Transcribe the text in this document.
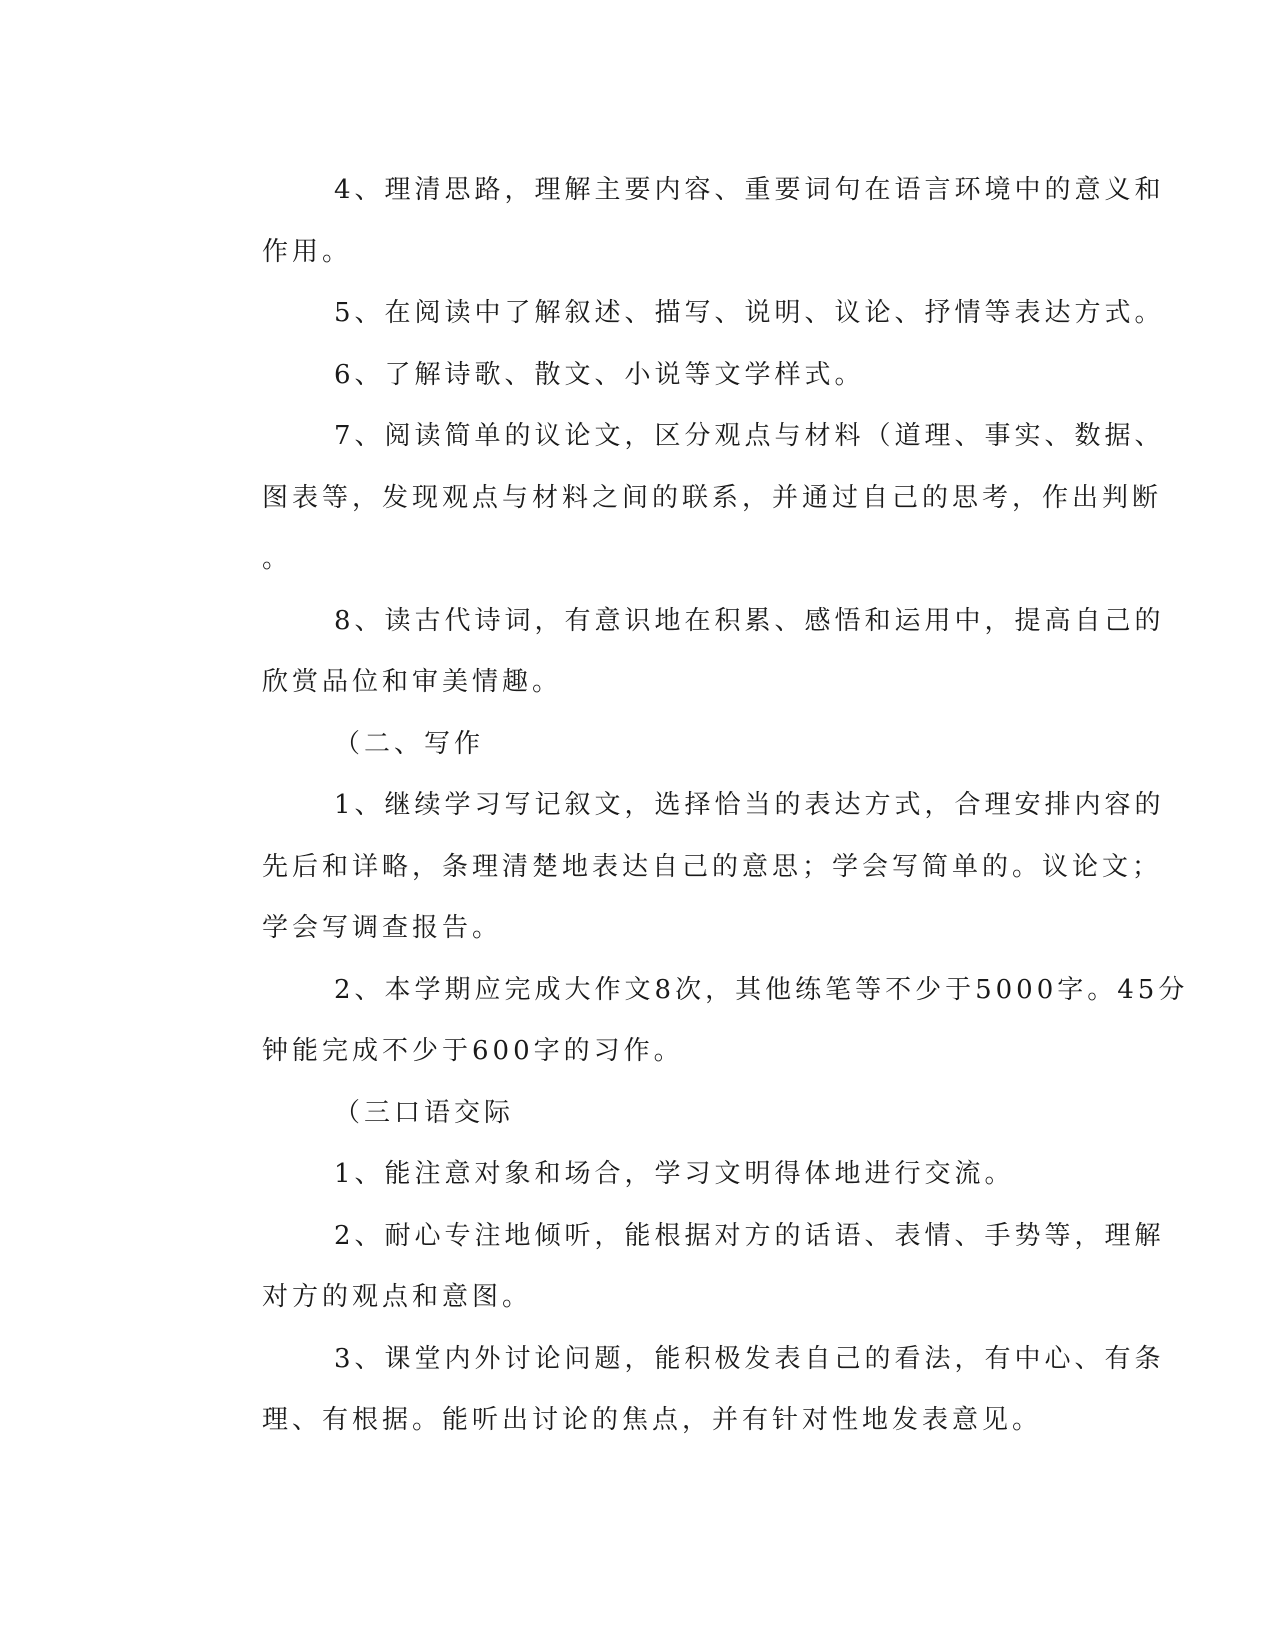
4、理清思路，理解主要内容、重要词句在语言环境中的意义和
作用。
5、在阅读中了解叙述、描写、说明、议论、抒情等表达方式。
6、了解诗歌、散文、小说等文学样式。
7、阅读简单的议论文，区分观点与材料（道理、事实、数据、
图表等，发现观点与材料之间的联系，并通过自己的思考，作出判断
。
8、读古代诗词，有意识地在积累、感悟和运用中，提高自己的
欣赏品位和审美情趣。
（二、写作
1、继续学习写记叙文，选择恰当的表达方式，合理安排内容的
先后和详略，条理清楚地表达自己的意思；学会写简单的。议论文；
学会写调查报告。
2、本学期应完成大作文8次，其他练笔等不少于5000字。45分
钟能完成不少于600字的习作。
（三口语交际
1、能注意对象和场合，学习文明得体地进行交流。
2、耐心专注地倾听，能根据对方的话语、表情、手势等，理解
对方的观点和意图。
3、课堂内外讨论问题，能积极发表自己的看法，有中心、有条
理、有根据。能听出讨论的焦点，并有针对性地发表意见。
